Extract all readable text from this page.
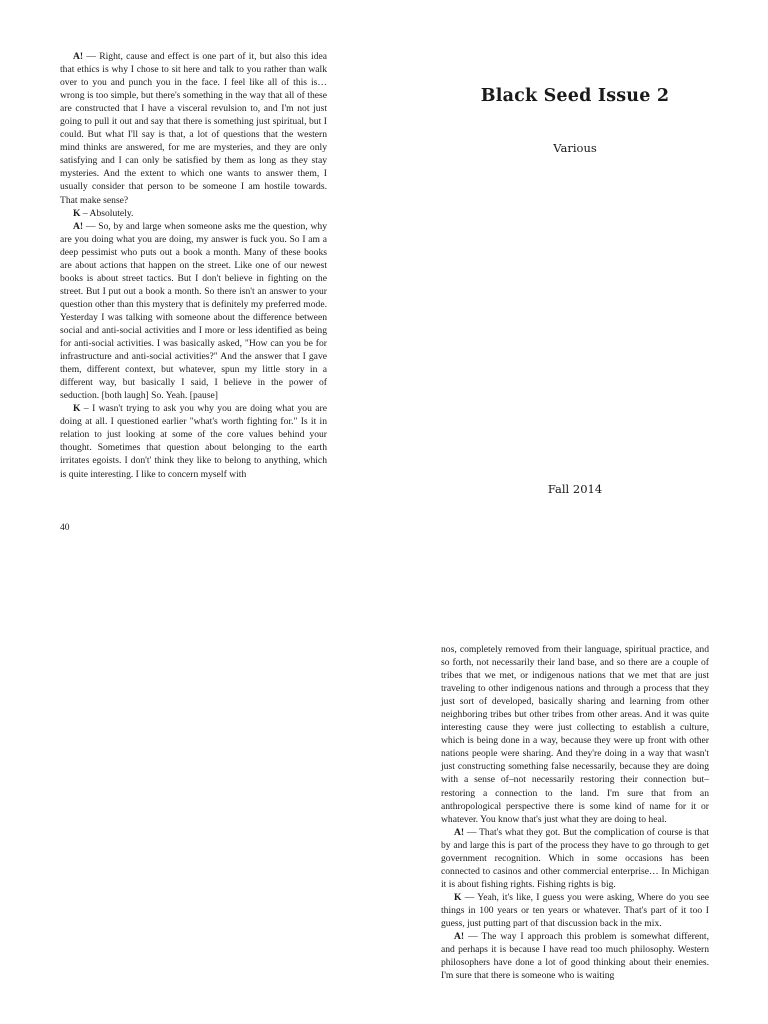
A! — Right, cause and effect is one part of it, but also this idea that ethics is why I chose to sit here and talk to you rather than walk over to you and punch you in the face. I feel like all of this is… wrong is too simple, but there's something in the way that all of these are constructed that I have a visceral revulsion to, and I'm not just going to pull it out and say that there is something just spiritual, but I could. But what I'll say is that, a lot of questions that the western mind thinks are answered, for me are mysteries, and they are only satisfying and I can only be satisfied by them as long as they stay mysteries. And the extent to which one wants to answer them, I usually consider that person to be someone I am hostile towards. That make sense?

K – Absolutely.

A! — So, by and large when someone asks me the question, why are you doing what you are doing, my answer is fuck you. So I am a deep pessimist who puts out a book a month. Many of these books are about actions that happen on the street. Like one of our newest books is about street tactics. But I don't believe in fighting on the street. But I put out a book a month. So there isn't an answer to your question other than this mystery that is definitely my preferred mode. Yesterday I was talking with someone about the difference between social and anti-social activities and I more or less identified as being for anti-social activities. I was basically asked, "How can you be for infrastructure and anti-social activities?" And the answer that I gave them, different context, but whatever, spun my little story in a different way, but basically I said, I believe in the power of seduction. [both laugh] So. Yeah. [pause]

K – I wasn't trying to ask you why you are doing what you are doing at all. I questioned earlier "what's worth fighting for." Is it in relation to just looking at some of the core values behind your thought. Sometimes that question about belonging to the earth irritates egoists. I don't' think they like to belong to anything, which is quite interesting. I like to concern myself with

40
Black Seed Issue 2
Various
Fall 2014

nos, completely removed from their language, spiritual practice, and so forth, not necessarily their land base, and so there are a couple of tribes that we met, or indigenous nations that we met that are just traveling to other indigenous nations and through a process that they just sort of developed, basically sharing and learning from other neighboring tribes but other tribes from other areas. And it was quite interesting cause they were just collecting to establish a culture, which is being done in a way, because they were up front with other nations people were sharing. And they're doing in a way that wasn't just constructing something false necessarily, because they are doing with a sense of–not necessarily restoring their connection but–restoring a connection to the land. I'm sure that from an anthropological perspective there is some kind of name for it or whatever. You know that's just what they are doing to heal.

A! — That's what they got. But the complication of course is that by and large this is part of the process they have to go through to get government recognition. Which in some occasions has been connected to casinos and other commercial enterprise… In Michigan it is about fishing rights. Fishing rights is big.

K — Yeah, it's like, I guess you were asking, Where do you see things in 100 years or ten years or whatever. That's part of it too I guess, just putting part of that discussion back in the mix.

A! — The way I approach this problem is somewhat different, and perhaps it is because I have read too much philosophy. Western philosophers have done a lot of good thinking about their enemies. I'm sure that there is someone who is waiting
